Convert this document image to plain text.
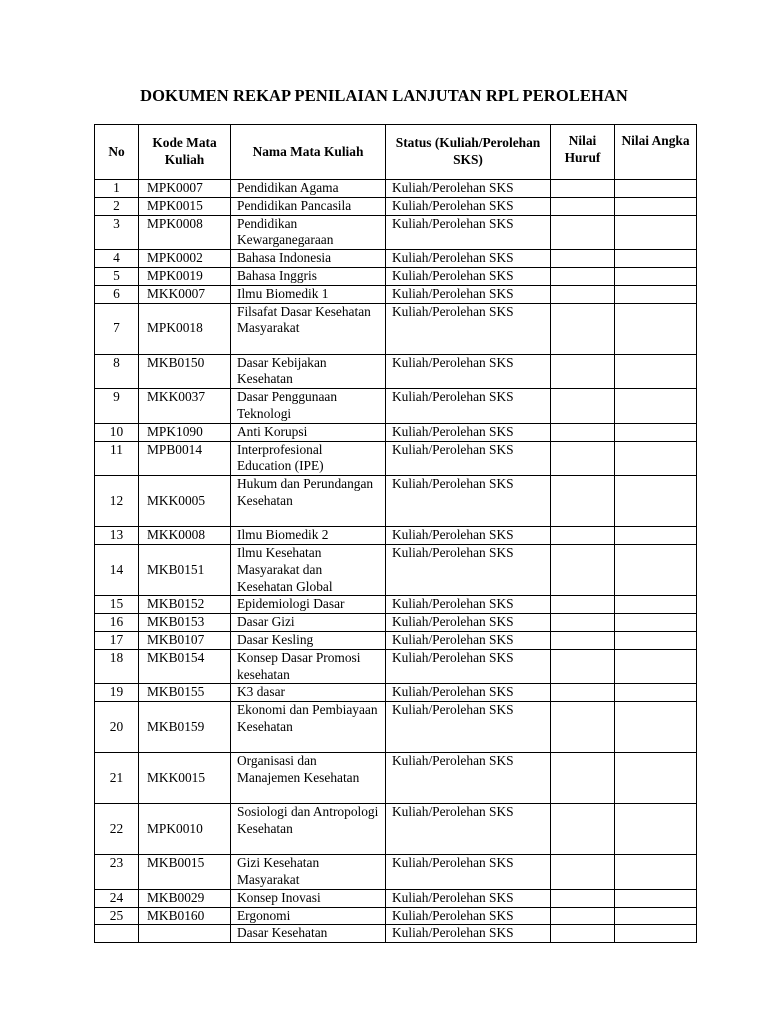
DOKUMEN REKAP PENILAIAN LANJUTAN RPL PEROLEHAN
No	Kode Mata Kuliah	Nama Mata Kuliah	Status (Kuliah/Perolehan SKS)	Nilai Huruf	Nilai Angka
1	MPK0007	Pendidikan Agama	Kuliah/Perolehan SKS		
2	MPK0015	Pendidikan Pancasila	Kuliah/Perolehan SKS		
3	MPK0008	Pendidikan Kewarganegaraan	Kuliah/Perolehan SKS		
4	MPK0002	Bahasa Indonesia	Kuliah/Perolehan SKS		
5	MPK0019	Bahasa Inggris	Kuliah/Perolehan SKS		
6	MKK0007	Ilmu Biomedik 1	Kuliah/Perolehan SKS		
7	MPK0018	Filsafat Dasar Kesehatan Masyarakat	Kuliah/Perolehan SKS		
8	MKB0150	Dasar Kebijakan Kesehatan	Kuliah/Perolehan SKS		
9	MKK0037	Dasar Penggunaan Teknologi	Kuliah/Perolehan SKS		
10	MPK1090	Anti Korupsi	Kuliah/Perolehan SKS		
11	MPB0014	Interprofesional Education (IPE)	Kuliah/Perolehan SKS		
12	MKK0005	Hukum dan Perundangan Kesehatan	Kuliah/Perolehan SKS		
13	MKK0008	Ilmu Biomedik 2	Kuliah/Perolehan SKS		
14	MKB0151	Ilmu Kesehatan Masyarakat dan Kesehatan Global	Kuliah/Perolehan SKS		
15	MKB0152	Epidemiologi Dasar	Kuliah/Perolehan SKS		
16	MKB0153	Dasar Gizi	Kuliah/Perolehan SKS		
17	MKB0107	Dasar Kesling	Kuliah/Perolehan SKS		
18	MKB0154	Konsep Dasar Promosi kesehatan	Kuliah/Perolehan SKS		
19	MKB0155	K3 dasar	Kuliah/Perolehan SKS		
20	MKB0159	Ekonomi dan Pembiayaan Kesehatan	Kuliah/Perolehan SKS		
21	MKK0015	Organisasi dan Manajemen Kesehatan	Kuliah/Perolehan SKS		
22	MPK0010	Sosiologi dan Antropologi Kesehatan	Kuliah/Perolehan SKS		
23	MKB0015	Gizi Kesehatan Masyarakat	Kuliah/Perolehan SKS		
24	MKB0029	Konsep Inovasi	Kuliah/Perolehan SKS		
25	MKB0160	Ergonomi	Kuliah/Perolehan SKS		
		Dasar Kesehatan	Kuliah/Perolehan SKS		
